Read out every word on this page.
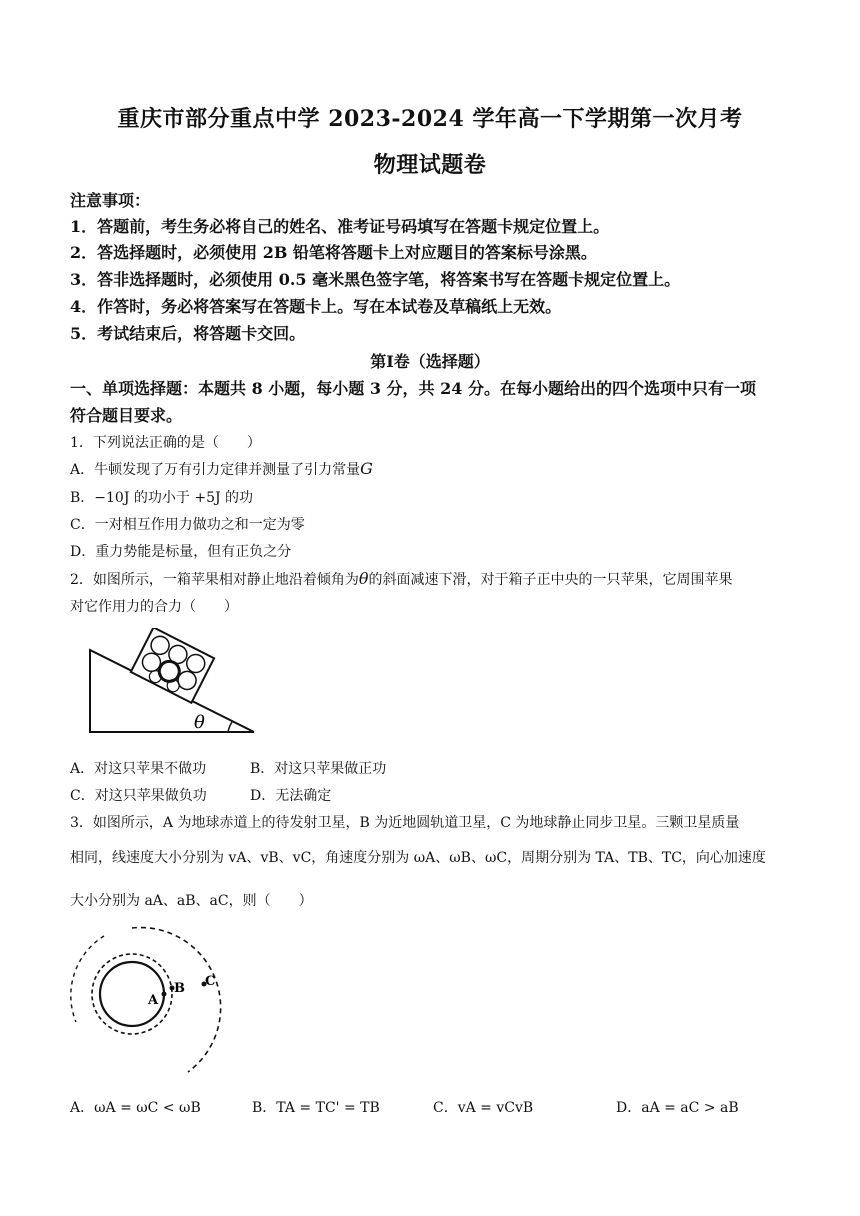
重庆市部分重点中学 2023-2024 学年高一下学期第一次月考
物理试题卷
注意事项：
1．答题前，考生务必将自己的姓名、准考证号码填写在答题卡规定位置上。
2．答选择题时，必须使用 2B 铅笔将答题卡上对应题目的答案标号涂黑。
3．答非选择题时，必须使用 0.5 毫米黑色签字笔，将答案书写在答题卡规定位置上。
4．作答时，务必将答案写在答题卡上。写在本试卷及草稿纸上无效。
5．考试结束后，将答题卡交回。
第Ⅰ卷（选择题）
一、单项选择题：本题共 8 小题，每小题 3 分，共 24 分。在每小题给出的四个选项中只有一项
符合题目要求。
1．下列说法正确的是（　　）
A．牛顿发现了万有引力定律并测量了引力常量G
B．−10J 的功小于 +5J 的功
C．一对相互作用力做功之和一定为零
D．重力势能是标量，但有正负之分
2．如图所示，一箱苹果相对静止地沿着倾角为θ的斜面减速下滑，对于箱子正中央的一只苹果，它周围苹果
对它作用力的合力（　　）
θ
A．对这只苹果不做功	B．对这只苹果做正功
C．对这只苹果做负功	D．无法确定
3．如图所示，A 为地球赤道上的待发射卫星，B 为近地圆轨道卫星，C 为地球静止同步卫星。三颗卫星质量
相同，线速度大小分别为 vA、vB、vC，角速度分别为 ωA、ωB、ωC，周期分别为 TA、TB、TC，向心加速度
大小分别为 aA、aB、aC，则（　　）
A
B C
A．ωA = ωC < ωB	B．TA = TC' = TB	C．vA = vCvB	D．aA = aC > aB
